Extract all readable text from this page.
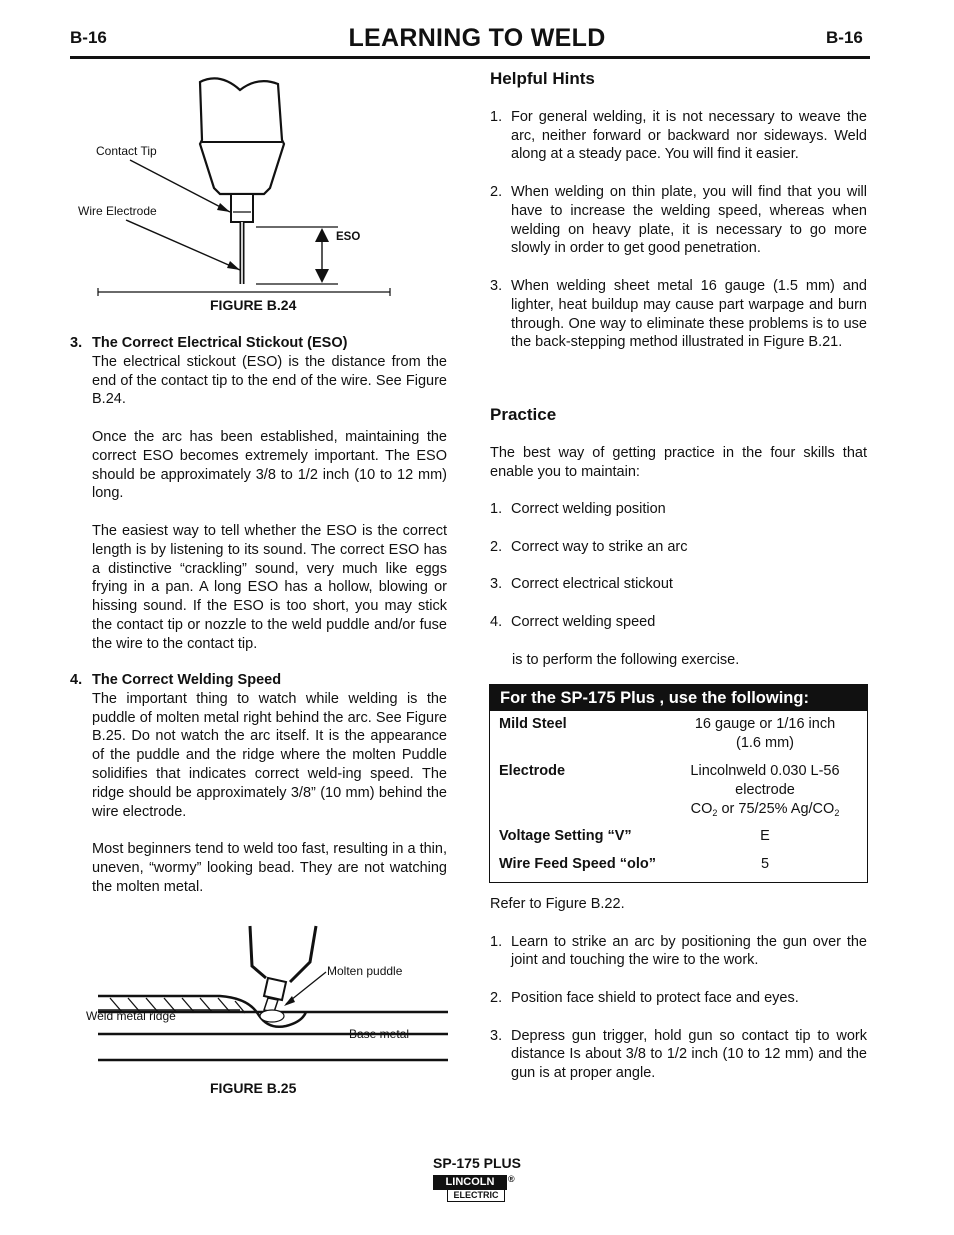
B-16	LEARNING TO WELD	B-16
Contact Tip
Wire Electrode
ESO
FIGURE B.24
3. The Correct Electrical Stickout (ESO)

The electrical stickout (ESO) is the distance from the end of the contact tip to the end of the wire. See Figure B.24.

Once the arc has been established, maintaining the correct ESO becomes extremely important. The ESO should be approximately 3/8 to 1/2 inch (10 to 12 mm) long.

The easiest way to tell whether the ESO is the correct length is by listening to its sound. The correct ESO has a distinctive “crackling” sound, very much like eggs frying in a pan. A long ESO has a hollow, blowing or hissing sound. If the ESO is too short, you may stick the contact tip or nozzle to the weld puddle and/or fuse the wire to the contact tip.

4. The Correct Welding Speed

The important thing to watch while welding is the puddle of molten metal right behind the arc. See Figure B.25. Do not watch the arc itself. It is the appearance of the puddle and the ridge where the molten Puddle solidifies that indicates correct weld-ing speed. The ridge should be approximately 3/8” (10 mm) behind the wire electrode.

Most beginners tend to weld too fast, resulting in a thin, uneven, “wormy” looking bead. They are not watching the molten metal.

Molten puddle
Weld metal ridge
Base metal
FIGURE B.25
Helpful Hints
1. For general welding, it is not necessary to weave the arc, neither forward or backward nor sideways. Weld along at a steady pace. You will find it easier.
2. When welding on thin plate, you will find that you will have to increase the welding speed, whereas when welding on heavy plate, it is necessary to go more slowly in order to get good penetration.
3. When welding sheet metal 16 gauge (1.5 mm) and lighter, heat buildup may cause part warpage and burn through. One way to eliminate these problems is to use the back-stepping method illustrated in Figure B.21.
Practice

The best way of getting practice in the four skills that enable you to maintain:

1. Correct welding position
2. Correct way to strike an arc
3. Correct electrical stickout
4. Correct welding speed

is to perform the following exercise.

For the SP-175 Plus , use the following:
Mild Steel	16 gauge or 1/16 inch
(1.6 mm)
Electrode	Lincolnweld 0.030 L-56
electrode
$CO_2$ or 75/25% $Ag/CO_2$
Voltage Setting “V”	E
Wire Feed Speed “olo”	5

Refer to Figure B.22.

1. Learn to strike an arc by positioning the gun over the joint and touching the wire to the work.
2. Position face shield to protect face and eyes.
3. Depress gun trigger, hold gun so contact tip to work distance Is about 3/8 to 1/2 inch (10 to 12 mm) and the gun is at proper angle.
SP-175 PLUS
LINCOLN
ELECTRIC
®
